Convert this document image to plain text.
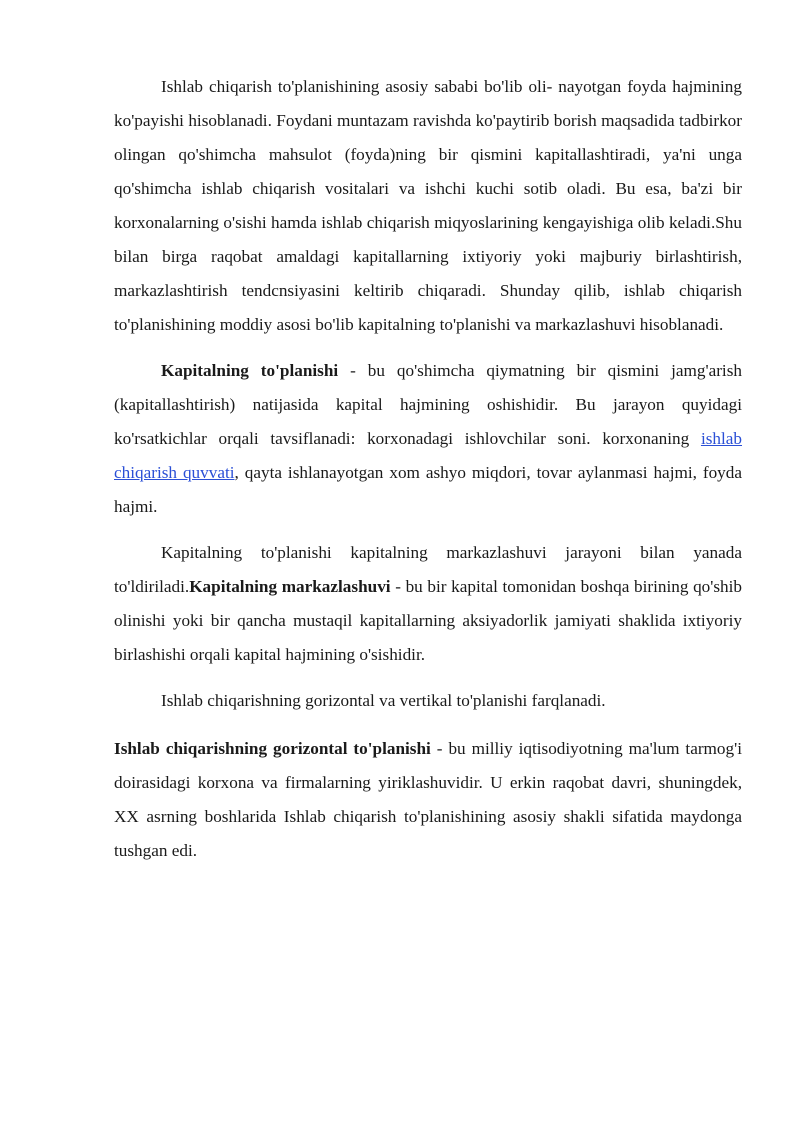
Ishlab chiqarish to'planishining asosiy sababi bo'lib oli- nayotgan foyda hajmining ko'payishi hisoblanadi. Foydani muntazam ravishda ko'paytirib borish maqsadida tadbirkor olingan qo'shimcha mahsulot (foyda)ning bir qismini kapitallashtiradi, ya'ni unga qo'shimcha ishlab chiqarish vositalari va ishchi kuchi sotib oladi. Bu esa, ba'zi bir korxonalarning o'sishi hamda ishlab chiqarish miqyoslarining kengayishiga olib keladi.Shu bilan birga raqobat amaldagi kapitallarning ixtiyoriy yoki majburiy birlashtirish, markazlashtirish tendcnsiyasini keltirib chiqaradi. Shunday qilib, ishlab chiqarish to'planishining moddiy asosi bo'lib kapitalning to'planishi va markazlashuvi hisoblanadi.

Kapitalning to'planishi - bu qo'shimcha qiymatning bir qismini jamg'arish (kapitallashtirish) natijasida kapital hajmining oshishidir. Bu jarayon quyidagi ko'rsatkichlar orqali tavsiflanadi: korxonadagi ishlovchilar soni. korxonaning ishlab chiqarish quvvati, qayta ishlanayotgan xom ashyo miqdori, tovar aylanmasi hajmi, foyda hajmi.

Kapitalning to'planishi kapitalning markazlashuvi jarayoni bilan yanada to'ldiriladi.Kapitalning markazlashuvi - bu bir kapital tomonidan boshqa birining qo'shib olinishi yoki bir qancha mustaqil kapitallarning aksiyadorlik jamiyati shaklida ixtiyoriy birlashishi orqali kapital hajmining o'sishidir.

Ishlab chiqarishning gorizontal va vertikal to'planishi farqlanadi.

Ishlab chiqarishning gorizontal to'planishi - bu milliy iqtisodiyotning ma'lum tarmog'i doirasidagi korxona va firmalarning yiriklashuvidir. U erkin raqobat davri, shuningdek, XX asrning boshlarida Ishlab chiqarish to'planishining asosiy shakli sifatida maydonga tushgan edi.
